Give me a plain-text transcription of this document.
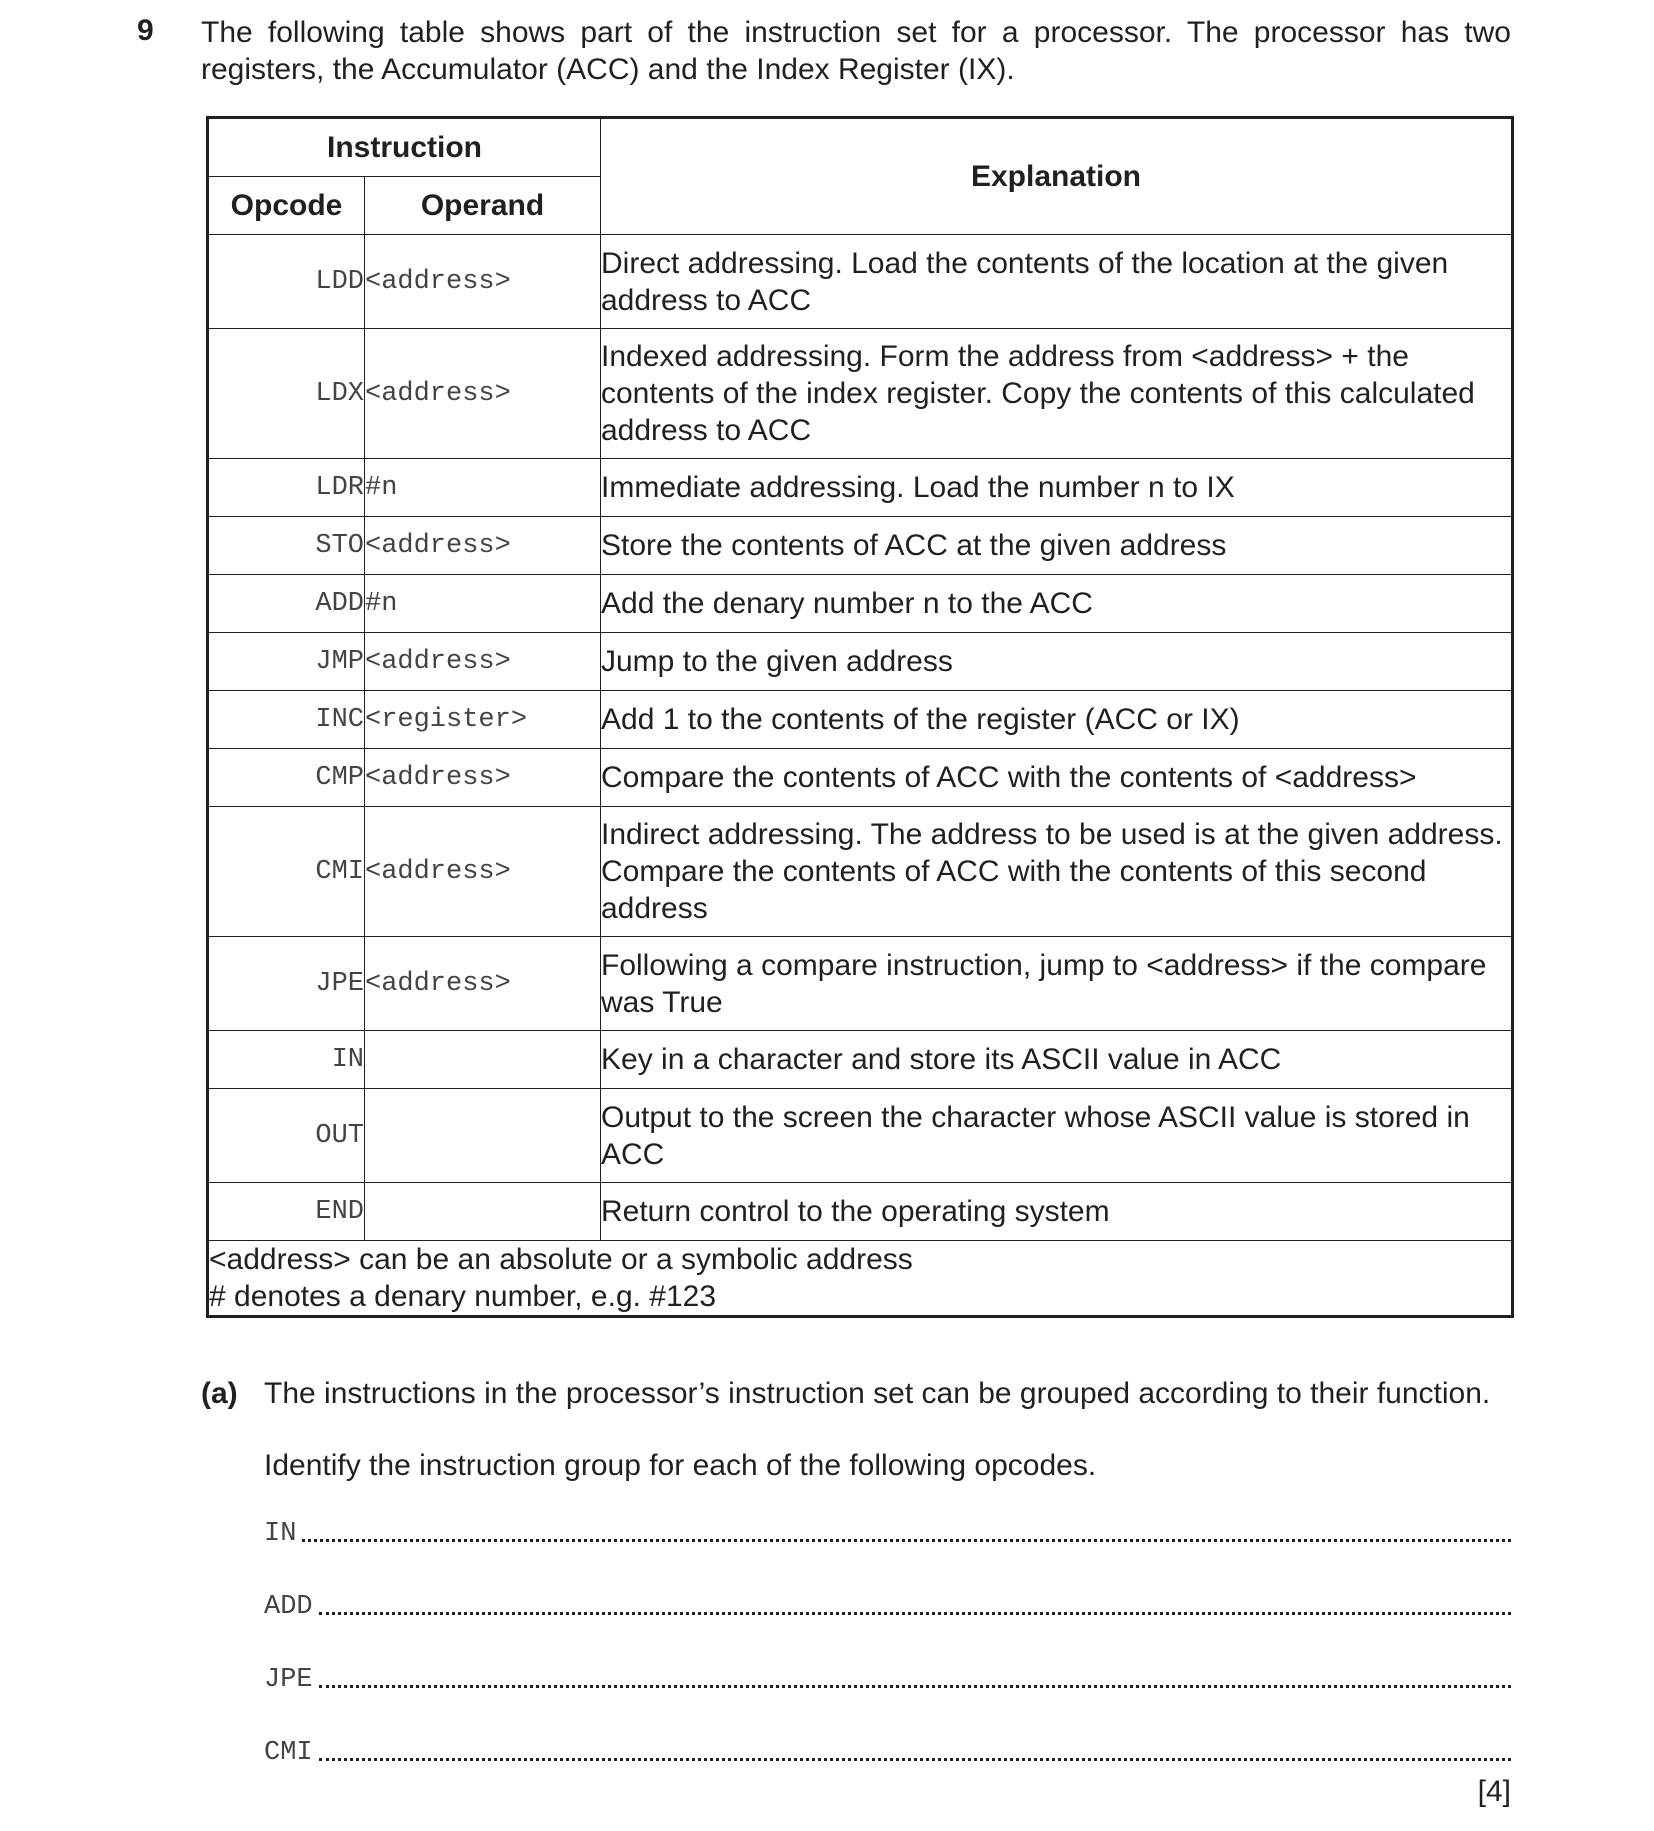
9 The following table shows part of the instruction set for a processor. The processor has two registers, the Accumulator (ACC) and the Index Register (IX).
Instruction		Explanation
Opcode	Operand	
LDD	<address>	Direct addressing. Load the contents of the location at the given address to ACC
LDX	<address>	Indexed addressing. Form the address from <address> + the contents of the index register. Copy the contents of this calculated address to ACC
LDR	#n	Immediate addressing. Load the number n to IX
STO	<address>	Store the contents of ACC at the given address
ADD	#n	Add the denary number n to the ACC
JMP	<address>	Jump to the given address
INC	<register>	Add 1 to the contents of the register (ACC or IX)
CMP	<address>	Compare the contents of ACC with the contents of <address>
CMI	<address>	Indirect addressing. The address to be used is at the given address. Compare the contents of ACC with the contents of this second address
JPE	<address>	Following a compare instruction, jump to <address> if the compare was True
IN		Key in a character and store its ASCII value in ACC
OUT		Output to the screen the character whose ASCII value is stored in ACC
END		Return control to the operating system

<address> can be an absolute or a symbolic address
# denotes a denary number, e.g. #123		
(a) The instructions in the processor’s instruction set can be grouped according to their function.
Identify the instruction group for each of the following opcodes.
IN
ADD
JPE
CMI
[4]
